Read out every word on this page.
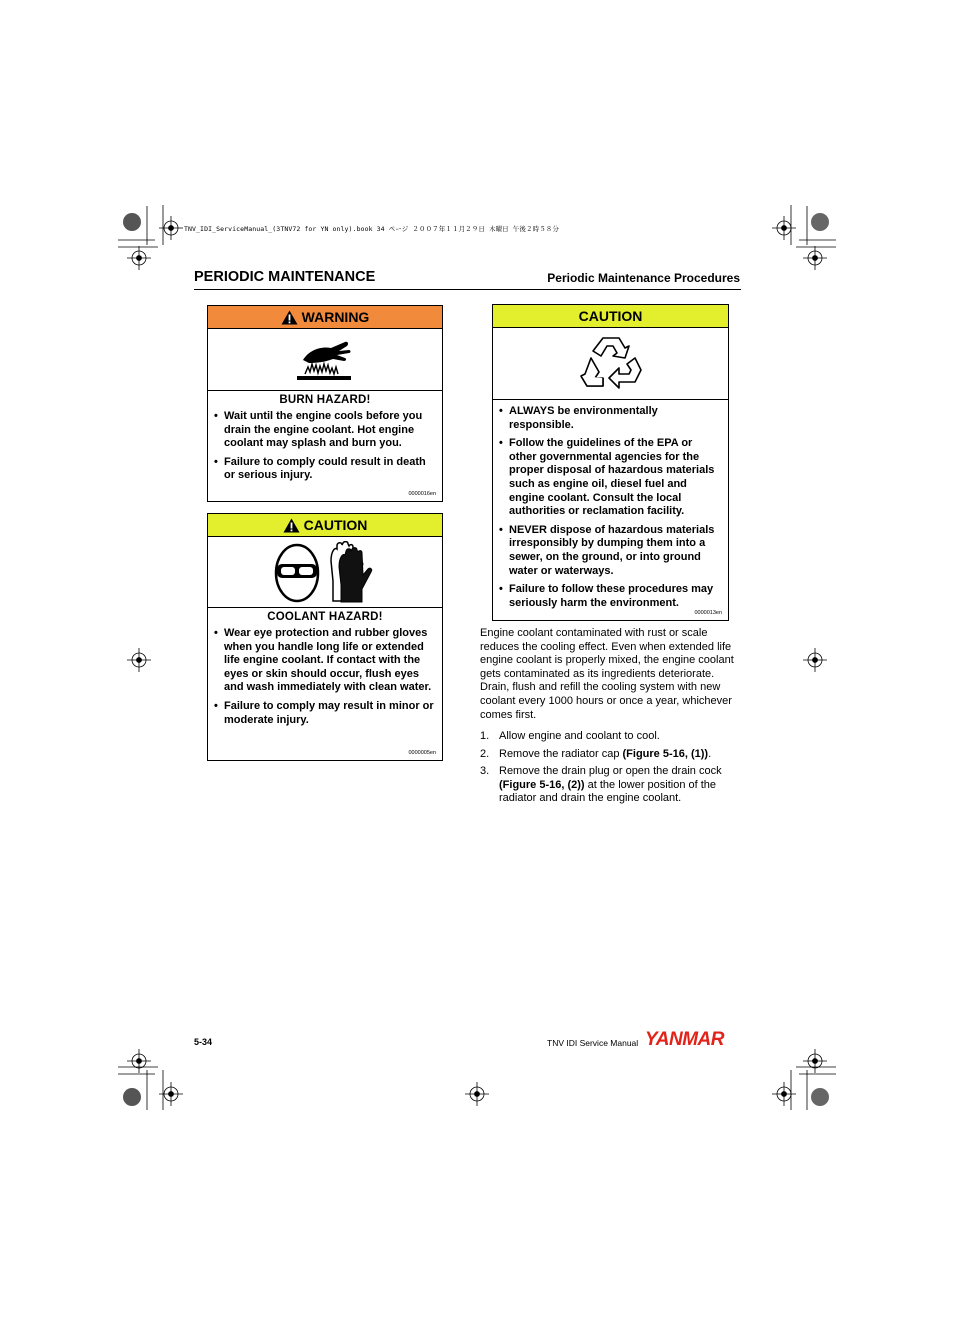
TNV_IDI_ServiceManual_(3TNV72 for YN only).book 34 ページ ２００７年１１月２９日 木曜日 午後２時５８分
PERIODIC MAINTENANCE	Periodic Maintenance Procedures
WARNING
BURN HAZARD!
• Wait until the engine cools before you drain the engine coolant. Hot engine coolant may splash and burn you.
• Failure to comply could result in death or serious injury.
0000016en
CAUTION
COOLANT HAZARD!
• Wear eye protection and rubber gloves when you handle long life or extended life engine coolant. If contact with the eyes or skin should occur, flush eyes and wash immediately with clean water.
• Failure to comply may result in minor or moderate injury.
0000005en
CAUTION
• ALWAYS be environmentally responsible.
• Follow the guidelines of the EPA or other governmental agencies for the proper disposal of hazardous materials such as engine oil, diesel fuel and engine coolant. Consult the local authorities or reclamation facility.
• NEVER dispose of hazardous materials irresponsibly by dumping them into a sewer, on the ground, or into ground water or waterways.
• Failure to follow these procedures may seriously harm the environment.
0000013en
Engine coolant contaminated with rust or scale reduces the cooling effect. Even when extended life engine coolant is properly mixed, the engine coolant gets contaminated as its ingredients deteriorate. Drain, flush and refill the cooling system with new coolant every 1000 hours or once a year, whichever comes first.
1. Allow engine and coolant to cool.
2. Remove the radiator cap (Figure 5-16, (1)).
3. Remove the drain plug or open the drain cock (Figure 5-16, (2)) at the lower position of the radiator and drain the engine coolant.
5-34	TNV IDI Service Manual YANMAR
